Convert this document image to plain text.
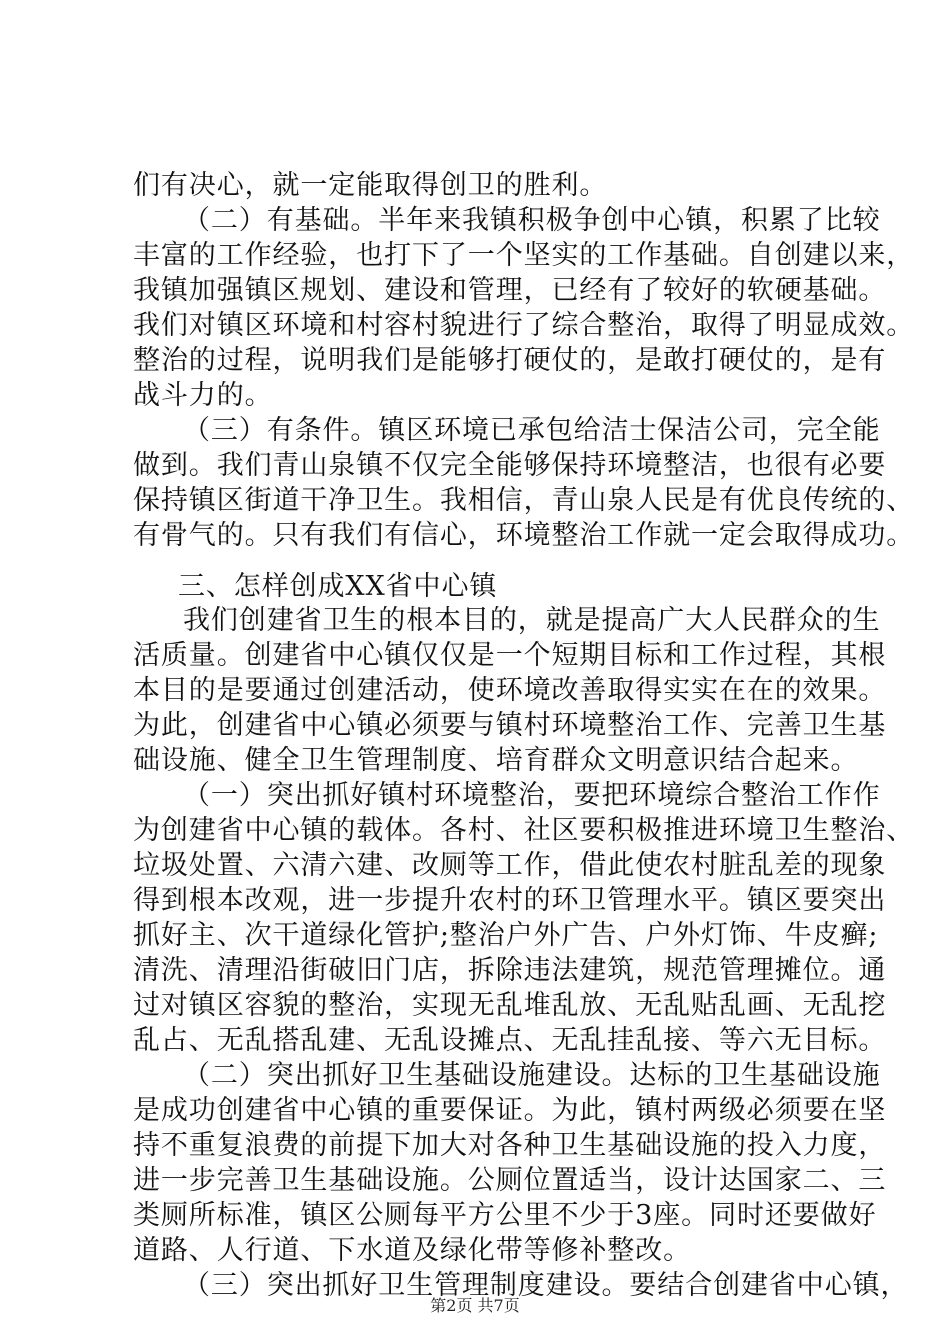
们有决心，就一定能取得创卫的胜利。
（二）有基础。半年来我镇积极争创中心镇，积累了比较
丰富的工作经验，也打下了一个坚实的工作基础。自创建以来，
我镇加强镇区规划、建设和管理，已经有了较好的软硬基础。
我们对镇区环境和村容村貌进行了综合整治，取得了明显成效。
整治的过程，说明我们是能够打硬仗的，是敢打硬仗的，是有
战斗力的。
（三）有条件。镇区环境已承包给洁士保洁公司，完全能
做到。我们青山泉镇不仅完全能够保持环境整洁，也很有必要
保持镇区街道干净卫生。我相信，青山泉人民是有优良传统的、
有骨气的。只有我们有信心，环境整治工作就一定会取得成功。
三、怎样创成XX省中心镇
我们创建省卫生的根本目的，就是提高广大人民群众的生
活质量。创建省中心镇仅仅是一个短期目标和工作过程，其根
本目的是要通过创建活动，使环境改善取得实实在在的效果。
为此，创建省中心镇必须要与镇村环境整治工作、完善卫生基
础设施、健全卫生管理制度、培育群众文明意识结合起来。
（一）突出抓好镇村环境整治，要把环境综合整治工作作
为创建省中心镇的载体。各村、社区要积极推进环境卫生整治、
垃圾处置、六清六建、改厕等工作，借此使农村脏乱差的现象
得到根本改观，进一步提升农村的环卫管理水平。镇区要突出
抓好主、次干道绿化管护;整治户外广告、户外灯饰、牛皮癣;
清洗、清理沿街破旧门店，拆除违法建筑，规范管理摊位。通
过对镇区容貌的整治，实现无乱堆乱放、无乱贴乱画、无乱挖
乱占、无乱搭乱建、无乱设摊点、无乱挂乱接、等六无目标。
（二）突出抓好卫生基础设施建设。达标的卫生基础设施
是成功创建省中心镇的重要保证。为此，镇村两级必须要在坚
持不重复浪费的前提下加大对各种卫生基础设施的投入力度，
进一步完善卫生基础设施。公厕位置适当，设计达国家二、三
类厕所标准，镇区公厕每平方公里不少于3座。同时还要做好
道路、人行道、下水道及绿化带等修补整改。
（三）突出抓好卫生管理制度建设。要结合创建省中心镇，
第2页 共7页
